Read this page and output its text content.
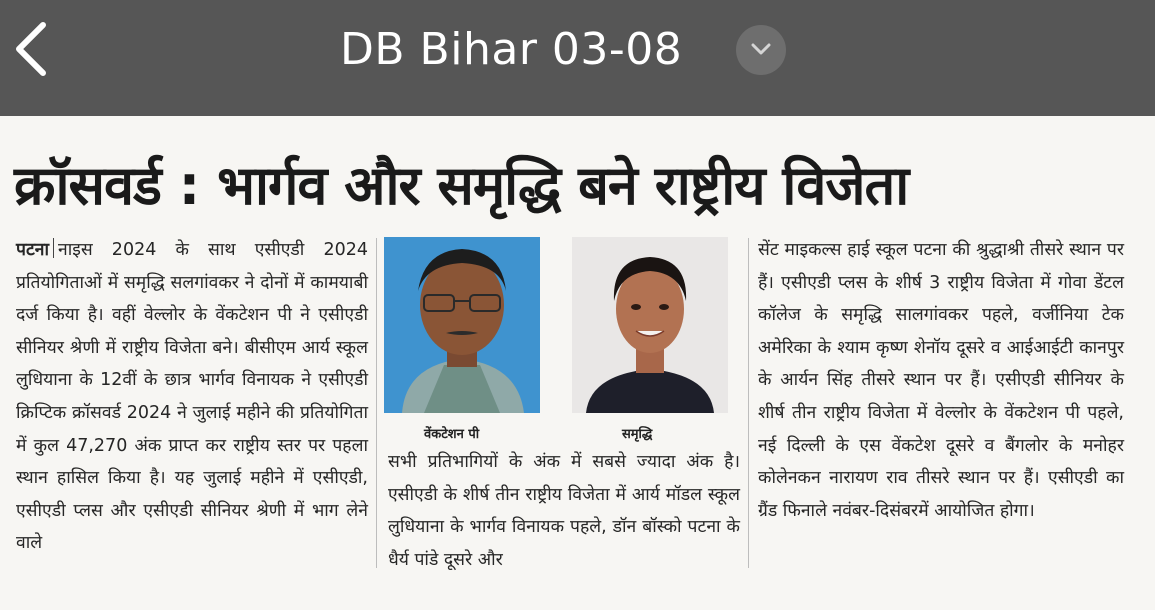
DB Bihar 03-08
क्रॉसवर्ड : भार्गव और समृद्धि बने राष्ट्रीय विजेता

पटना नाइस 2024 के साथ एसीएडी 2024 प्रतियोगिताओं में समृद्धि सलगांवकर ने दोनों में कामयाबी दर्ज किया है। वहीं वेल्लोर के वेंकटेशन पी ने एसीएडी सीनियर श्रेणी में राष्ट्रीय विजेता बने। बीसीएम आर्य स्कूल लुधियाना के 12वीं के छात्र भार्गव विनायक ने एसीएडी क्रिप्टिक क्रॉसवर्ड 2024 ने जुलाई महीने की प्रतियोगिता में कुल 47,270 अंक प्राप्त कर राष्ट्रीय स्तर पर पहला स्थान हासिल किया है। यह जुलाई महीने में एसीएडी, एसीएडी प्लस और एसीएडी सीनियर श्रेणी में भाग लेने वाले

वेंकटेशन पी	समृद्धि

सभी प्रतिभागियों के अंक में सबसे ज्यादा अंक है। एसीएडी के शीर्ष तीन राष्ट्रीय विजेता में आर्य मॉडल स्कूल लुधियाना के भार्गव विनायक पहले, डॉन बॉस्को पटना के धैर्य पांडे दूसरे और

सेंट माइकल्स हाई स्कूल पटना की श्रुद्धाश्री तीसरे स्थान पर हैं। एसीएडी प्लस के शीर्ष 3 राष्ट्रीय विजेता में गोवा डेंटल कॉलेज के समृद्धि सालगांवकर पहले, वर्जीनिया टेक अमेरिका के श्याम कृष्ण शेनॉय दूसरे व आईआईटी कानपुर के आर्यन सिंह तीसरे स्थान पर हैं। एसीएडी सीनियर के शीर्ष तीन राष्ट्रीय विजेता में वेल्लोर के वेंकटेशन पी पहले, नई दिल्ली के एस वेंकटेश दूसरे व बैंगलोर के मनोहर कोलेनकन नारायण राव तीसरे स्थान पर हैं। एसीएडी का ग्रैंड फिनाले नवंबर-दिसंबरमें आयोजित होगा।
